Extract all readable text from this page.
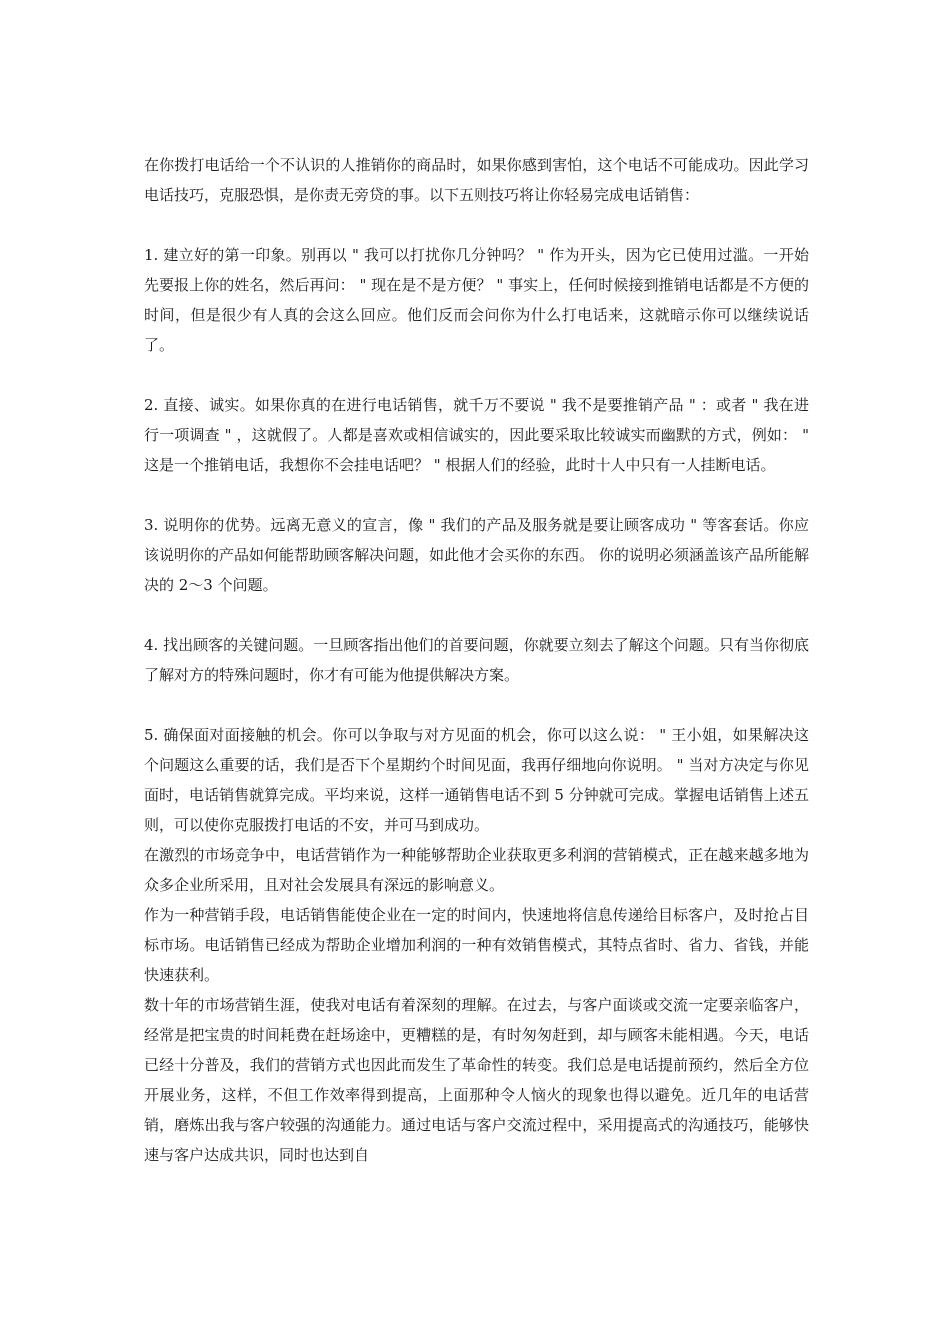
在你拨打电话给一个不认识的人推销你的商品时，如果你感到害怕，这个电话不可能成功。因此学习电话技巧，克服恐惧，是你责无旁贷的事。以下五则技巧将让你轻易完成电话销售：

1. 建立好的第一印象。别再以 " 我可以打扰你几分钟吗？ " 作为开头，因为它已使用过滥。一开始先要报上你的姓名，然后再问： " 现在是不是方便？ " 事实上，任何时候接到推销电话都是不方便的时间，但是很少有人真的会这么回应。他们反而会问你为什么打电话来，这就暗示你可以继续说话了。

2. 直接、诚实。如果你真的在进行电话销售，就千万不要说 " 我不是要推销产品 " ：或者 " 我在进行一项调查 " ，这就假了。人都是喜欢或相信诚实的，因此要采取比较诚实而幽默的方式，例如： " 这是一个推销电话，我想你不会挂电话吧？ " 根据人们的经验，此时十人中只有一人挂断电话。

3. 说明你的优势。远离无意义的宣言，像 " 我们的产品及服务就是要让顾客成功 " 等客套话。你应该说明你的产品如何能帮助顾客解决问题，如此他才会买你的东西。 你的说明必须涵盖该产品所能解决的 2～3 个问题。

4. 找出顾客的关键问题。一旦顾客指出他们的首要问题，你就要立刻去了解这个问题。只有当你彻底了解对方的特殊问题时，你才有可能为他提供解决方案。

5. 确保面对面接触的机会。你可以争取与对方见面的机会，你可以这么说： " 王小姐，如果解决这个问题这么重要的话，我们是否下个星期约个时间见面，我再仔细地向你说明。 " 当对方决定与你见面时，电话销售就算完成。平均来说，这样一通销售电话不到 5 分钟就可完成。掌握电话销售上述五则，可以使你克服拨打电话的不安，并可马到成功。

在激烈的市场竞争中，电话营销作为一种能够帮助企业获取更多利润的营销模式，正在越来越多地为众多企业所采用，且对社会发展具有深远的影响意义。

作为一种营销手段，电话销售能使企业在一定的时间内，快速地将信息传递给目标客户，及时抢占目标市场。电话销售已经成为帮助企业增加利润的一种有效销售模式，其特点省时、省力、省钱，并能快速获利。

数十年的市场营销生涯，使我对电话有着深刻的理解。在过去，与客户面谈或交流一定要亲临客户，经常是把宝贵的时间耗费在赶场途中，更糟糕的是，有时匆匆赶到，却与顾客未能相遇。今天，电话已经十分普及，我们的营销方式也因此而发生了革命性的转变。我们总是电话提前预约，然后全方位开展业务，这样，不但工作效率得到提高，上面那种令人恼火的现象也得以避免。近几年的电话营销，磨炼出我与客户较强的沟通能力。通过电话与客户交流过程中，采用提高式的沟通技巧，能够快速与客户达成共识，同时也达到自
